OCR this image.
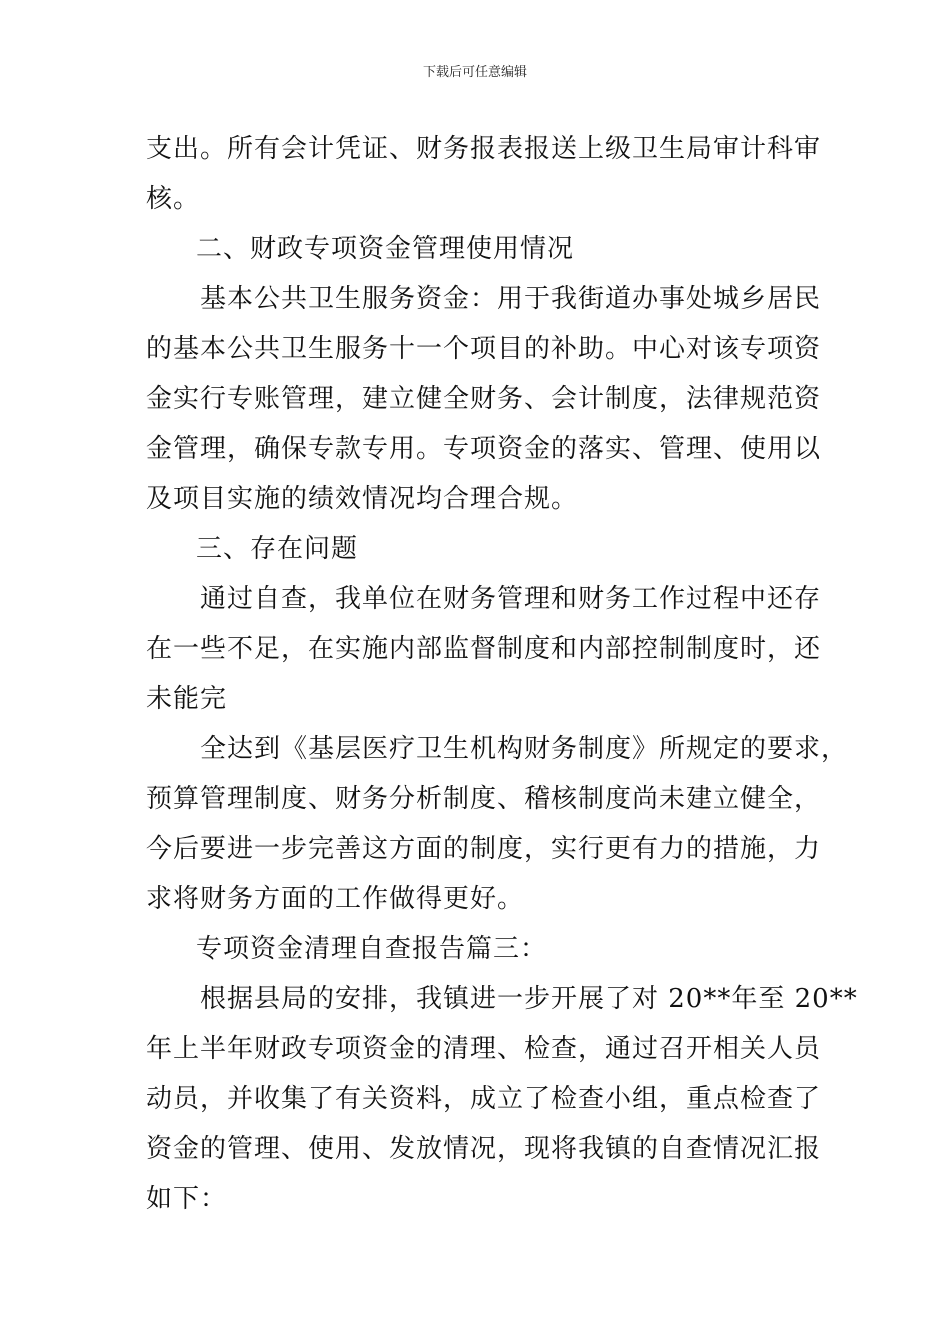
下载后可任意编辑
支出。所有会计凭证、财务报表报送上级卫生局审计科审
核。
二、财政专项资金管理使用情况
基本公共卫生服务资金：用于我街道办事处城乡居民
的基本公共卫生服务十一个项目的补助。中心对该专项资
金实行专账管理，建立健全财务、会计制度，法律规范资
金管理，确保专款专用。专项资金的落实、管理、使用以
及项目实施的绩效情况均合理合规。
三、存在问题
通过自查，我单位在财务管理和财务工作过程中还存
在一些不足，在实施内部监督制度和内部控制制度时，还
未能完
全达到《基层医疗卫生机构财务制度》所规定的要求，
预算管理制度、财务分析制度、稽核制度尚未建立健全，
今后要进一步完善这方面的制度，实行更有力的措施，力
求将财务方面的工作做得更好。
专项资金清理自查报告篇三：
根据县局的安排，我镇进一步开展了对 20**年至 20**
年上半年财政专项资金的清理、检查，通过召开相关人员
动员，并收集了有关资料，成立了检查小组，重点检查了
资金的管理、使用、发放情况，现将我镇的自查情况汇报
如下：
